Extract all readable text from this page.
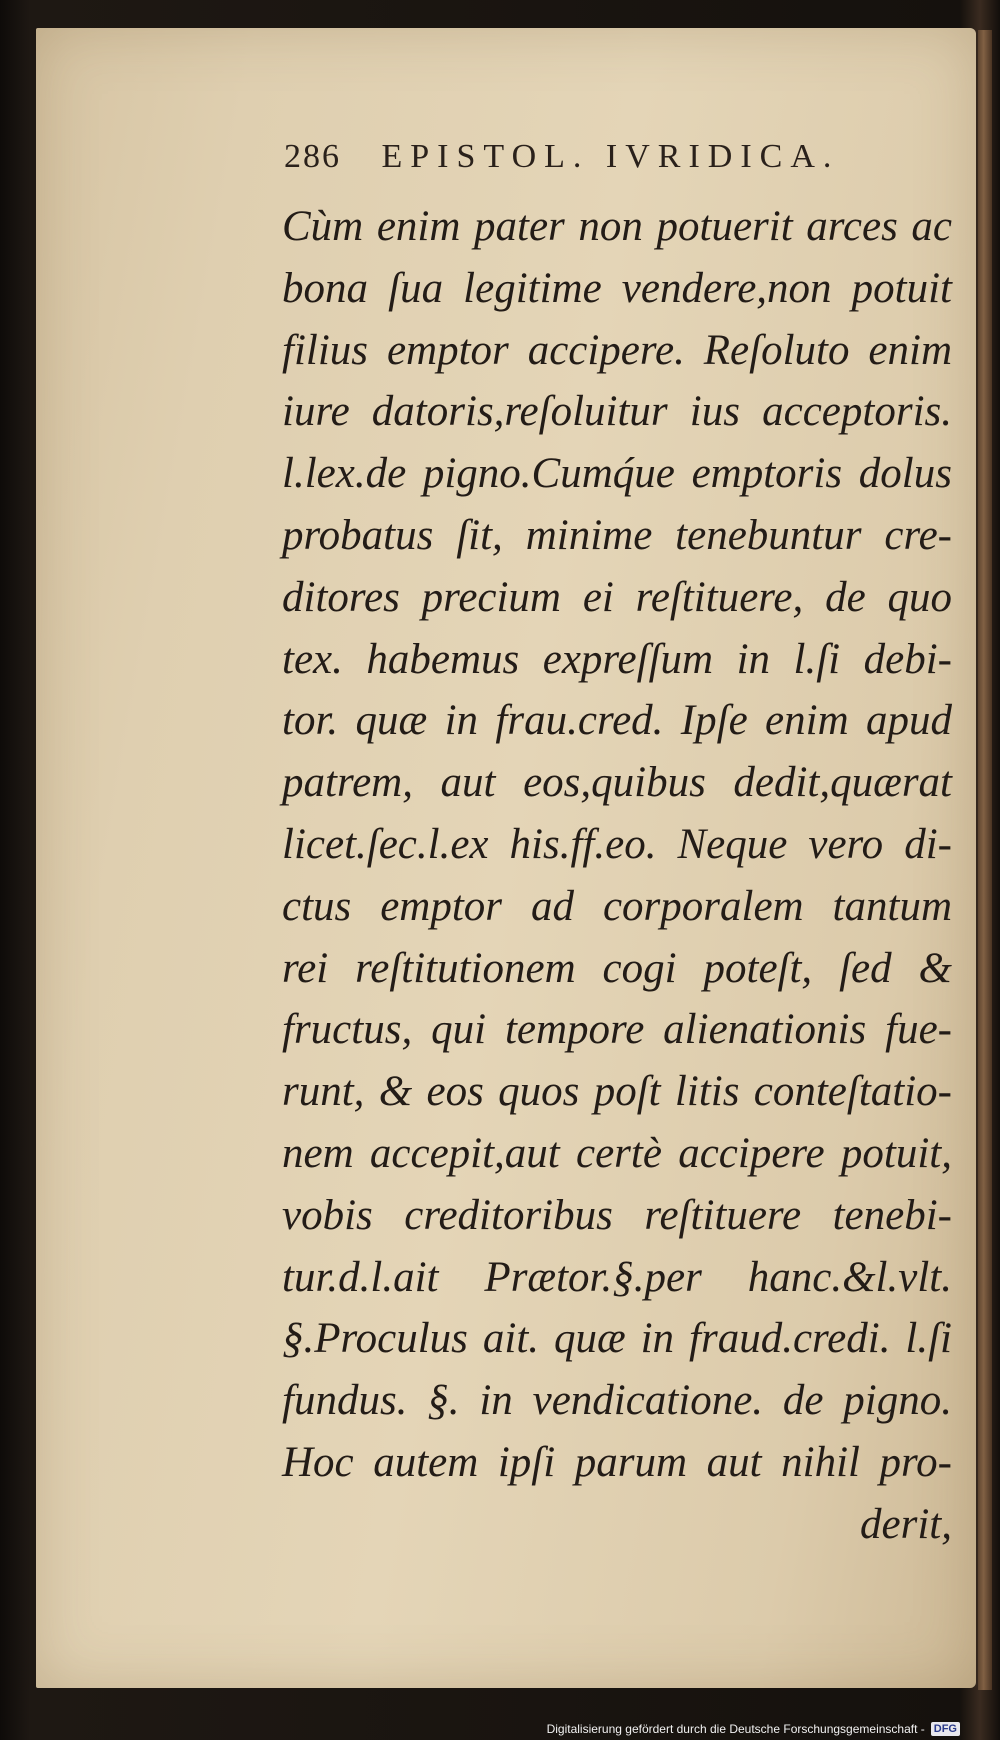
286 EPISTOL. IVRIDICA.
Cùm enim pater non potuerit arces ac
bona ſua legitime vendere,non potuit
filius emptor accipere. Reſoluto enim
iure datoris,reſoluitur ius acceptoris.
l.lex.de pigno.Cumq́ue emptoris dolus
probatus ſit, minime tenebuntur cre-
ditores precium ei reſtituere, de quo
tex. habemus expreſſum in l.ſi debi-
tor. quæ in frau.cred. Ipſe enim apud
patrem, aut eos,quibus dedit,quærat
licet.ſec.l.ex his.ff.eo. Neque vero di-
ctus emptor ad corporalem tantum
rei reſtitutionem cogi poteſt, ſed &
fructus, qui tempore alienationis fue-
runt, & eos quos poſt litis conteſtatio-
nem accepit,aut certè accipere potuit,
vobis creditoribus reſtituere tenebi-
tur.d.l.ait Prætor.§.per hanc.&l.vlt.
§.Proculus ait. quæ in fraud.credi. l.ſi
fundus. §. in vendicatione. de pigno.
Hoc autem ipſi parum aut nihil pro-
derit,
Digitalisierung gefördert durch die Deutsche Forschungsgemeinschaft - DFG
